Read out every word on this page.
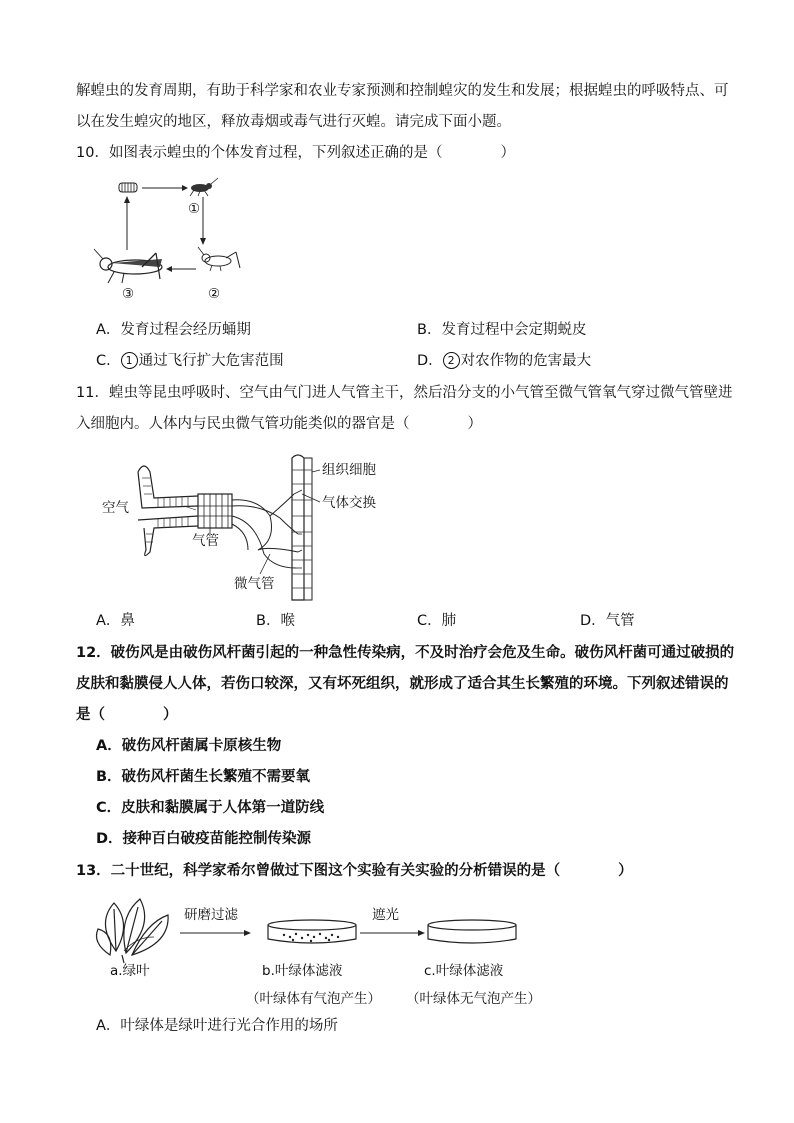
解蝗虫的发育周期，有助于科学家和农业专家预测和控制蝗灾的发生和发展；根据蝗虫的呼吸特点、可
以在发生蝗灾的地区，释放毒烟或毒气进行灭蝗。请完成下面小题。
10．如图表示蝗虫的个体发育过程，下列叙述正确的是（　　　　）
①
②
③
A．发育过程会经历蛹期	B．发育过程中会定期蜕皮
C． 1 通过飞行扩大危害范围	D． 2 对农作物的危害最大
11．蝗虫等昆虫呼吸时、空气由气门进人气管主干，然后沿分支的小气管至微气管氧气穿过微气管壁进
入细胞内。人体内与民虫微气管功能类似的器官是（　　　　）
组织细胞
气体交换
空气
气管
微气管
A．鼻	B．喉	C．肺	D．气管
12．破伤风是由破伤风杆菌引起的一种急性传染病，不及时治疗会危及生命。破伤风杆菌可通过破损的
皮肤和黏膜侵人人体，若伤口较深，又有坏死组织，就形成了适合其生长繁殖的环境。下列叙述错误的
是（　　　　）
A．破伤风杆菌属卡原核生物
B．破伤风杆菌生长繁殖不需要氧
C．皮肤和黏膜属于人体第一道防线
D．接种百白破疫苗能控制传染源
13．二十世纪，科学家希尔曾做过下图这个实验有关实验的分析错误的是（　　　　）
a.绿叶
研磨过滤
b.叶绿体滤液
（叶绿体有气泡产生）
遮光
c.叶绿体滤液
（叶绿体无气泡产生）
A．叶绿体是绿叶进行光合作用的场所
